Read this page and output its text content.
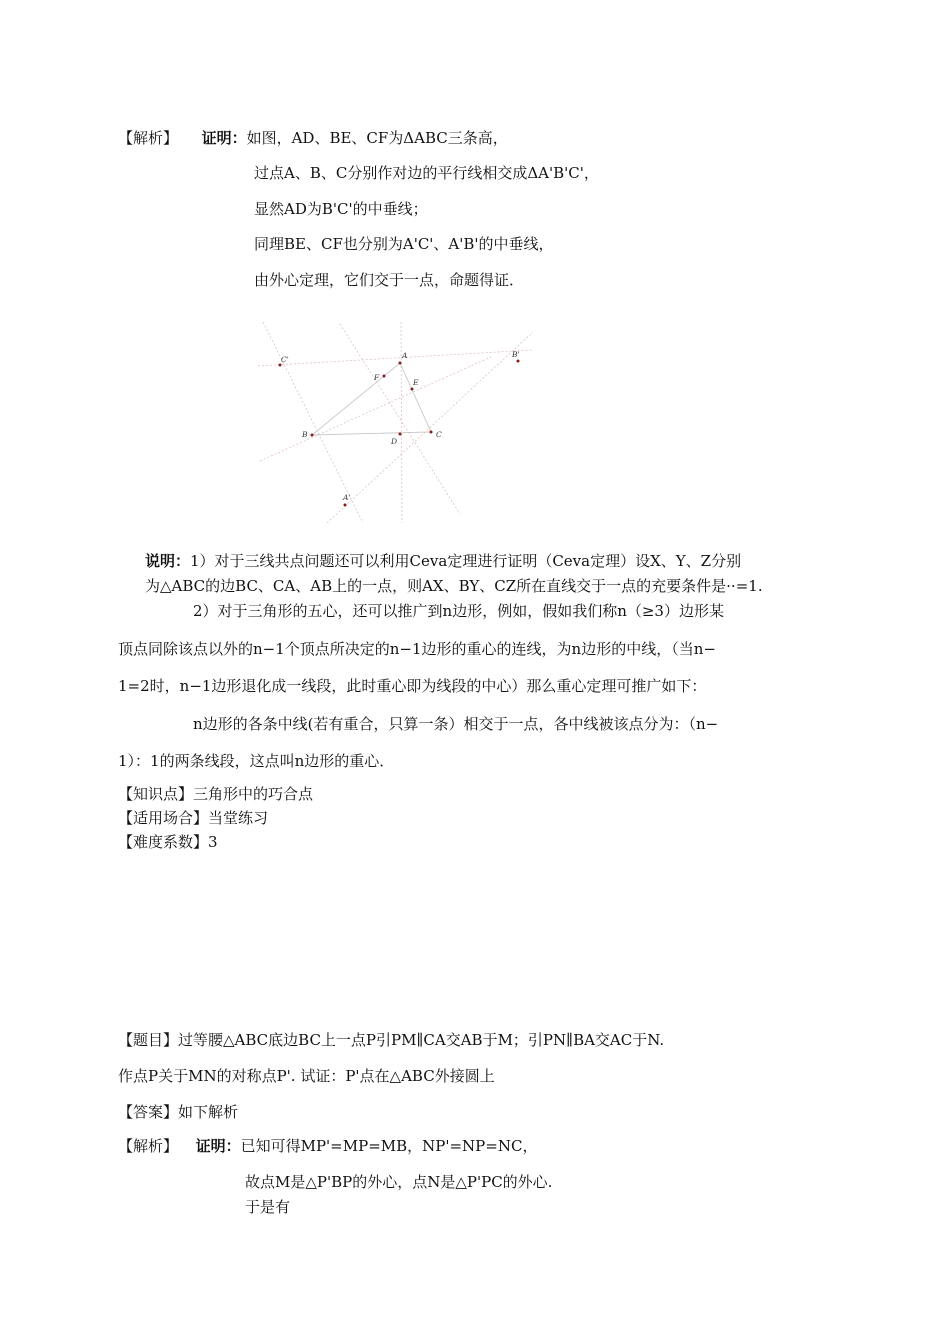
【解析】 证明：如图，AD、BE、CF为ΔABC三条高，
过点A、B、C分别作对边的平行线相交成ΔA'B'C'，
显然AD为B'C'的中垂线；
同理BE、CF也分别为A'C'、A'B'的中垂线，
由外心定理，它们交于一点，命题得证．
A
B	C
D
E
F
A'
B'
C'
说明：1）对于三线共点问题还可以利用Ceva定理进行证明（Ceva定理）设X、Y、Z分别
为△ABC的边BC、CA、AB上的一点，则AX、BY、CZ所在直线交于一点的充要条件是··=1.
2）对于三角形的五心，还可以推广到n边形，例如，假如我们称n（≥3）边形某
顶点同除该点以外的n−1个顶点所决定的n−1边形的重心的连线，为n边形的中线，（当n−
1=2时，n−1边形退化成一线段，此时重心即为线段的中心）那么重心定理可推广如下：
n边形的各条中线(若有重合，只算一条）相交于一点，各中线被该点分为：（n−
1）：1的两条线段，这点叫n边形的重心．
【知识点】三角形中的巧合点
【适用场合】当堂练习
【难度系数】3
【题目】过等腰△ABC底边BC上一点P引PM∥CA交AB于M；引PN∥BA交AC于N.
作点P关于MN的对称点P'. 试证：P'点在△ABC外接圆上
【答案】如下解析
【解析】 证明：已知可得MP'=MP=MB，NP'=NP=NC，
故点M是△P'BP的外心，点N是△P'PC的外心.
于是有
